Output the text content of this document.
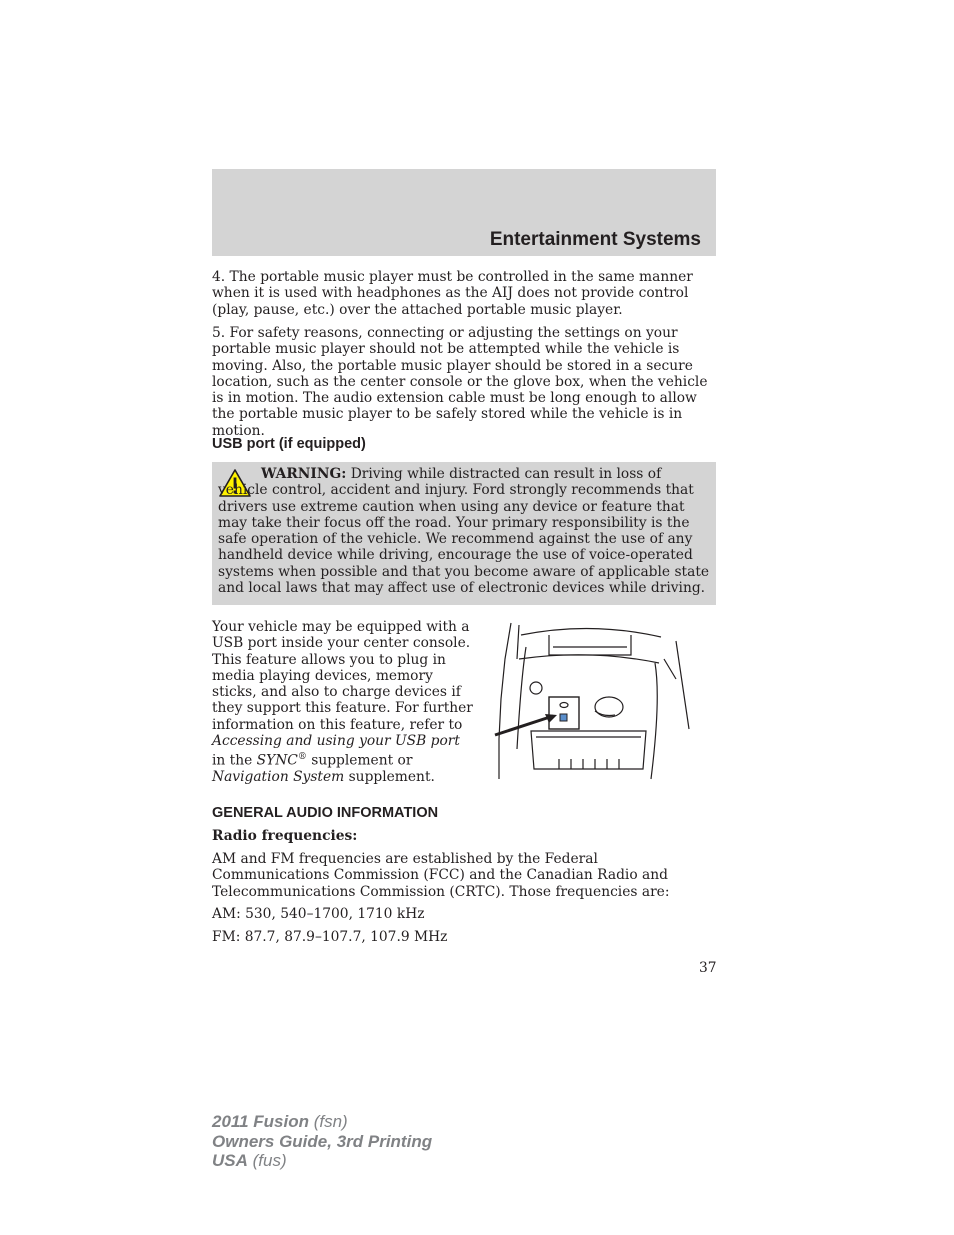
Entertainment Systems

4. The portable music player must be controlled in the same manner when it is used with headphones as the AIJ does not provide control (play, pause, etc.) over the attached portable music player.

5. For safety reasons, connecting or adjusting the settings on your portable music player should not be attempted while the vehicle is moving. Also, the portable music player should be stored in a secure location, such as the center console or the glove box, when the vehicle is in motion. The audio extension cable must be long enough to allow the portable music player to be safely stored while the vehicle is in motion.

USB port (if equipped)
WARNING: Driving while distracted can result in loss of vehicle control, accident and injury. Ford strongly recommends that drivers use extreme caution when using any device or feature that may take their focus off the road. Your primary responsibility is the safe operation of the vehicle. We recommend against the use of any handheld device while driving, encourage the use of voice-operated systems when possible and that you become aware of applicable state and local laws that may affect use of electronic devices while driving.
Your vehicle may be equipped with a USB port inside your center console. This feature allows you to plug in media playing devices, memory sticks, and also to charge devices if they support this feature. For further information on this feature, refer to Accessing and using your USB port in the SYNC® supplement or Navigation System supplement.
GENERAL AUDIO INFORMATION
Radio frequencies:

AM and FM frequencies are established by the Federal Communications Commission (FCC) and the Canadian Radio and Telecommunications Commission (CRTC). Those frequencies are:

AM: 530, 540–1700, 1710 kHz
FM: 87.7, 87.9–107.7, 107.9 MHz
37
2011 Fusion (fsn)
Owners Guide, 3rd Printing
USA (fus)
